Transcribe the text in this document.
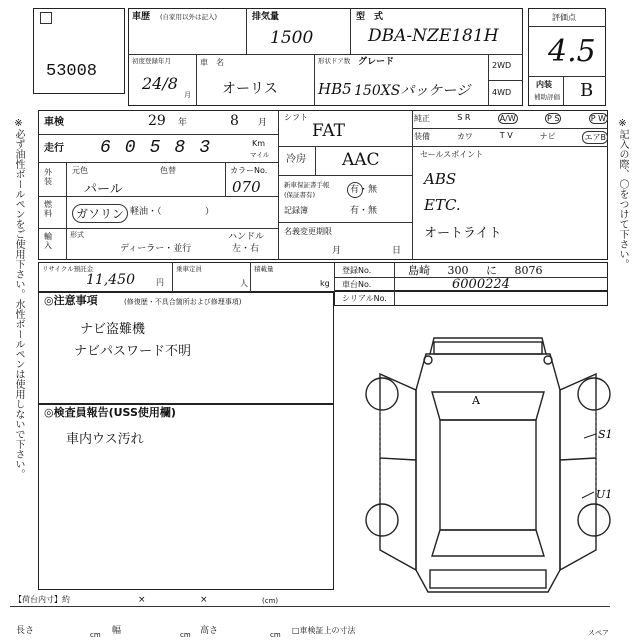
53008
車歴 (自家用以外は記入)	排気量
1500
型　式
DBA-NZE181H
初度登録年月
24/8
月
車　名
オーリス
形状ドア数 グレード
HB5 150XSパッケージ
2WD
4WD
評価点
4.5
内装
補助評価 B
※必ず油性ボールペンをご使用下さい。水性ボールペンは使用しないで下さい。	※記入の際、〇をつけて下さい。
車検	29 年	8 月
走行 60583	Km
マイル
外装
元色	色替
パール
カラーNo.
070
燃料	ガソリン 軽油・（	）
輸入
形式
ディーラー・並行
ハンドル
左・右
シフト
FAT
冷房 AAC
新車保証書手帳
(保証書有)	有・無
記録簿	有・無
名義変更期限
月	日
純正	S R	A/W	P S	P W
装備	カワ	T V	ナビ	エアB
セールスポイント
ABS
ETC.
オートライト
リサイクル預託金
11,450	円
乗車定員
人
積載量
kg
登録No.	島崎 300 に 8076
車台No.	6000224
シリアルNo.
◎注意事項	(修復歴・不具合箇所および修理事項)
ナビ盗難機
ナビパスワード不明
◎検査員報告(USS使用欄)
車内ウス汚れ
A
S1
U1
【荷台内寸】約	×	×	(cm)
長さ	cm 幅	cm 高さ	cm □車検証上の寸法	スペア
